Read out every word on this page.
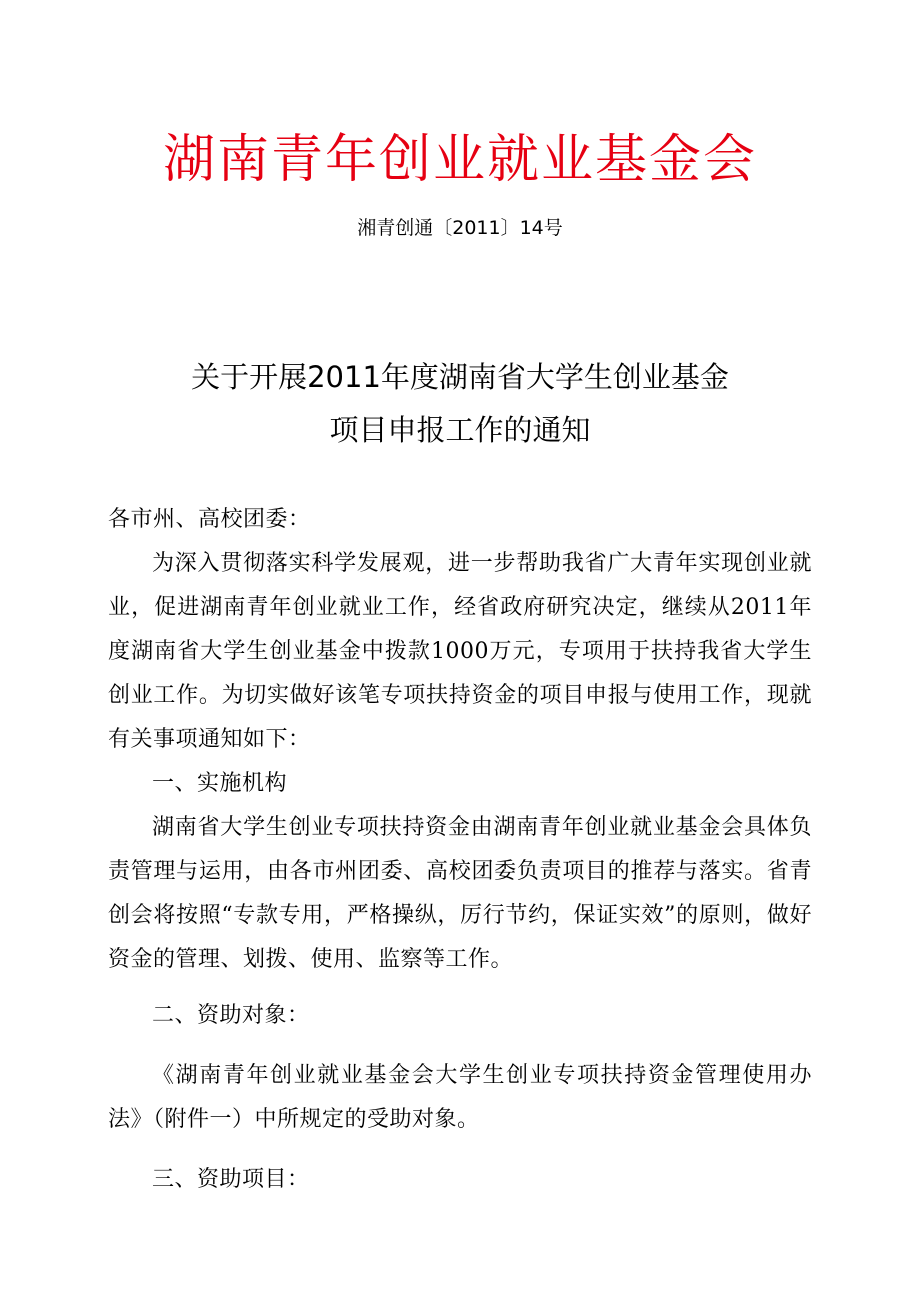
湖南青年创业就业基金会
湘青创通〔2011〕14号
关于开展2011年度湖南省大学生创业基金
项目申报工作的通知

各市州、高校团委：

为深入贯彻落实科学发展观，进一步帮助我省广大青年实现创业就业，促进湖南青年创业就业工作，经省政府研究决定，继续从2011年度湖南省大学生创业基金中拨款1000万元，专项用于扶持我省大学生创业工作。为切实做好该笔专项扶持资金的项目申报与使用工作，现就有关事项通知如下：

一、实施机构

湖南省大学生创业专项扶持资金由湖南青年创业就业基金会具体负责管理与运用，由各市州团委、高校团委负责项目的推荐与落实。省青创会将按照“专款专用，严格操纵，厉行节约，保证实效”的原则，做好资金的管理、划拨、使用、监察等工作。

二、资助对象：

《湖南青年创业就业基金会大学生创业专项扶持资金管理使用办法》（附件一）中所规定的受助对象。

三、资助项目：
